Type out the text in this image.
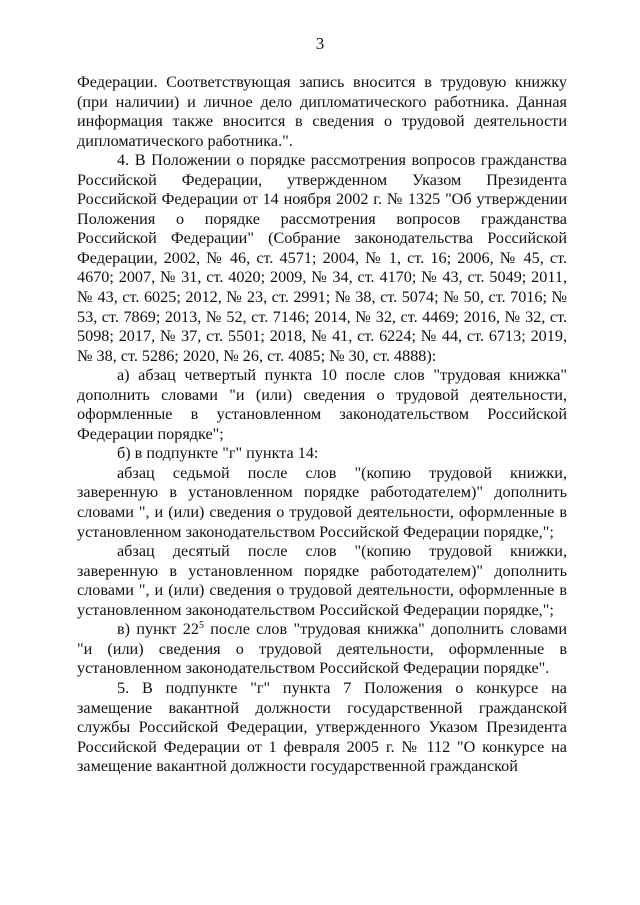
3

Федерации. Соответствующая запись вносится в трудовую книжку (при наличии) и личное дело дипломатического работника. Данная информация также вносится в сведения о трудовой деятельности дипломатического работника.".

4. В Положении о порядке рассмотрения вопросов гражданства Российской Федерации, утвержденном Указом Президента Российской Федерации от 14 ноября 2002 г. № 1325 "Об утверждении Положения о порядке рассмотрения вопросов гражданства Российской Федерации" (Собрание законодательства Российской Федерации, 2002, № 46, ст. 4571; 2004, № 1, ст. 16; 2006, № 45, ст. 4670; 2007, № 31, ст. 4020; 2009, № 34, ст. 4170; № 43, ст. 5049; 2011, № 43, ст. 6025; 2012, № 23, ст. 2991; № 38, ст. 5074; № 50, ст. 7016; № 53, ст. 7869; 2013, № 52, ст. 7146; 2014, № 32, ст. 4469; 2016, № 32, ст. 5098; 2017, № 37, ст. 5501; 2018, № 41, ст. 6224; № 44, ст. 6713; 2019, № 38, ст. 5286; 2020, № 26, ст. 4085; № 30, ст. 4888):

а) абзац четвертый пункта 10 после слов "трудовая книжка" дополнить словами "и (или) сведения о трудовой деятельности, оформленные в установленном законодательством Российской Федерации порядке";

б) в подпункте "г" пункта 14:

абзац седьмой после слов "(копию трудовой книжки, заверенную в установленном порядке работодателем)" дополнить словами ", и (или) сведения о трудовой деятельности, оформленные в установленном законодательством Российской Федерации порядке,";

абзац десятый после слов "(копию трудовой книжки, заверенную в установленном порядке работодателем)" дополнить словами ", и (или) сведения о трудовой деятельности, оформленные в установленном законодательством Российской Федерации порядке,";

в) пункт $22^5$ после слов "трудовая книжка" дополнить словами "и (или) сведения о трудовой деятельности, оформленные в установленном законодательством Российской Федерации порядке".

5. В подпункте "г" пункта 7 Положения о конкурсе на замещение вакантной должности государственной гражданской службы Российской Федерации, утвержденного Указом Президента Российской Федерации от 1 февраля 2005 г. № 112 "О конкурсе на замещение вакантной должности государственной гражданской
